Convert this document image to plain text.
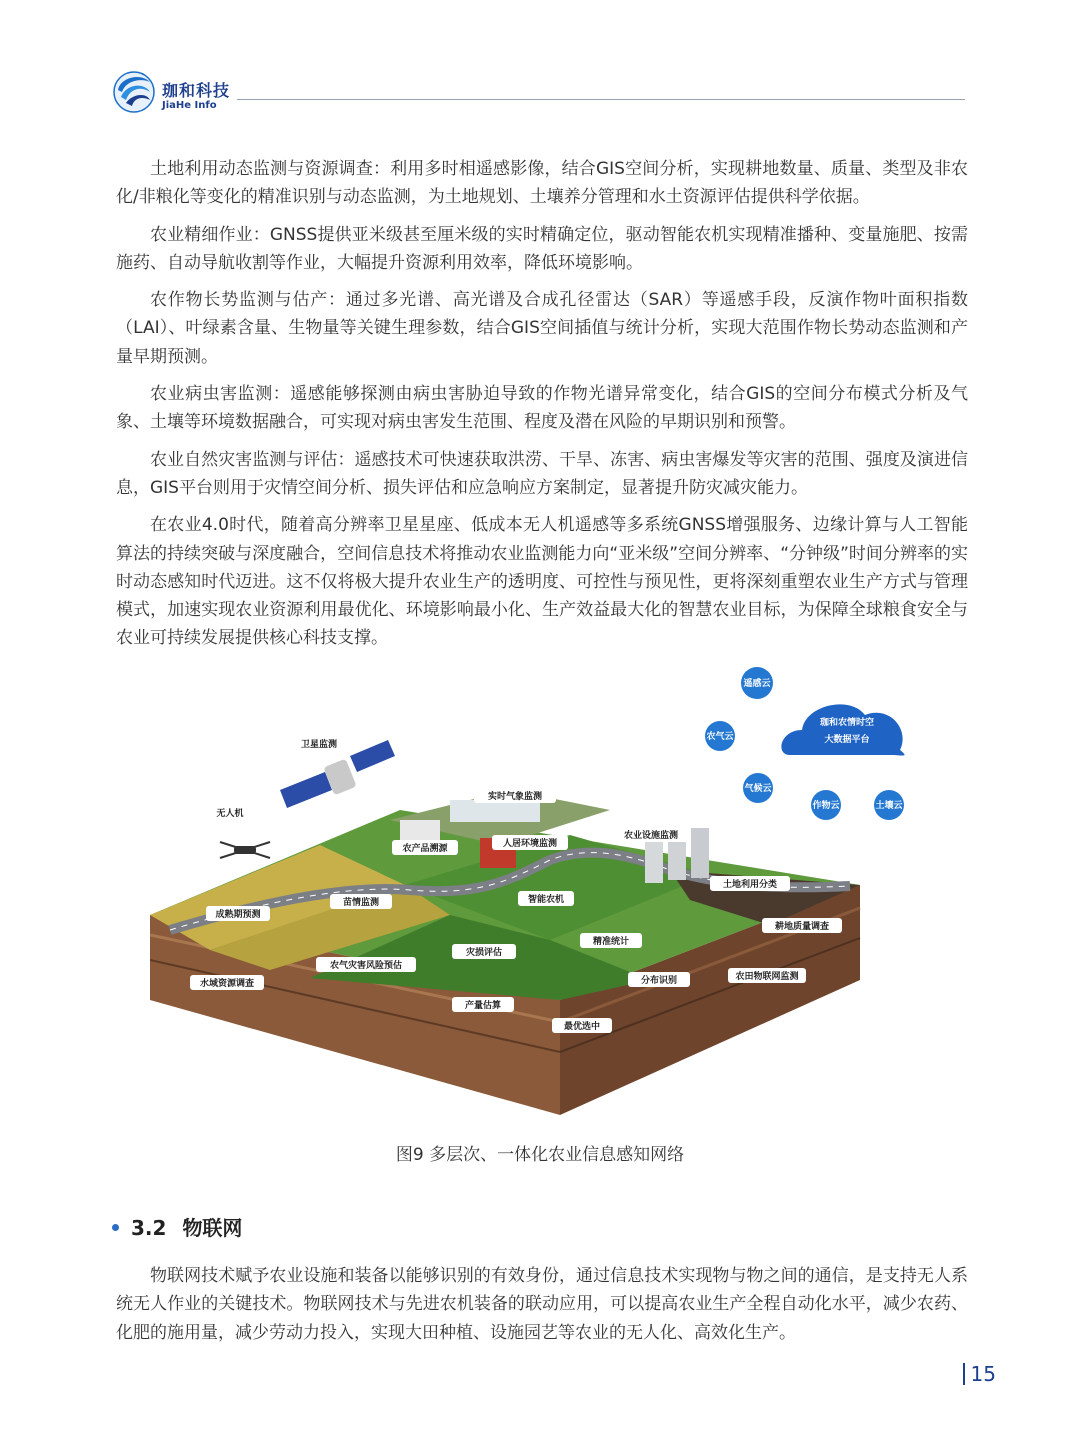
珈和科技
JiaHe Info

土地利用动态监测与资源调查：利用多时相遥感影像，结合GIS空间分析，实现耕地数量、质量、类型及非农化/非粮化等变化的精准识别与动态监测，为土地规划、土壤养分管理和水土资源评估提供科学依据。

农业精细作业：GNSS提供亚米级甚至厘米级的实时精确定位，驱动智能农机实现精准播种、变量施肥、按需施药、自动导航收割等作业，大幅提升资源利用效率，降低环境影响。

农作物长势监测与估产：通过多光谱、高光谱及合成孔径雷达（SAR）等遥感手段，反演作物叶面积指数（LAI）、叶绿素含量、生物量等关键生理参数，结合GIS空间插值与统计分析，实现大范围作物长势动态监测和产量早期预测。

农业病虫害监测：遥感能够探测由病虫害胁迫导致的作物光谱异常变化，结合GIS的空间分布模式分析及气象、土壤等环境数据融合，可实现对病虫害发生范围、程度及潜在风险的早期识别和预警。

农业自然灾害监测与评估：遥感技术可快速获取洪涝、干旱、冻害、病虫害爆发等灾害的范围、强度及演进信息，GIS平台则用于灾情空间分析、损失评估和应急响应方案制定，显著提升防灾减灾能力。

在农业4.0时代，随着高分辨率卫星星座、低成本无人机遥感等多系统GNSS增强服务、边缘计算与人工智能算法的持续突破与深度融合，空间信息技术将推动农业监测能力向“亚米级”空间分辨率、“分钟级”时间分辨率的实时动态感知时代迈进。这不仅将极大提升农业生产的透明度、可控性与预见性，更将深刻重塑农业生产方式与管理模式，加速实现农业资源利用最优化、环境影响最小化、生产效益最大化的智慧农业目标，为保障全球粮食安全与农业可持续发展提供核心科技支撑。

珈和农情时空
大数据平台
遥感云
农气云
气候云
作物云	土壤云
卫星监测
无人机
实时气象监测
农产品溯源	人居环境监测
农业设施监测
土地利用分类
耕地质量调查
成熟期预测
苗情监测	智能农机
精准统计
灾损评估
农气灾害风险预估
水域资源调查	分布识别	农田物联网监测
产量估算
最优选中
图9 多层次、一体化农业信息感知网络
3.2 物联网

物联网技术赋予农业设施和装备以能够识别的有效身份，通过信息技术实现物与物之间的通信，是支持无人系统无人作业的关键技术。物联网技术与先进农机装备的联动应用，可以提高农业生产全程自动化水平，减少农药、化肥的施用量，减少劳动力投入，实现大田种植、设施园艺等农业的无人化、高效化生产。

15
